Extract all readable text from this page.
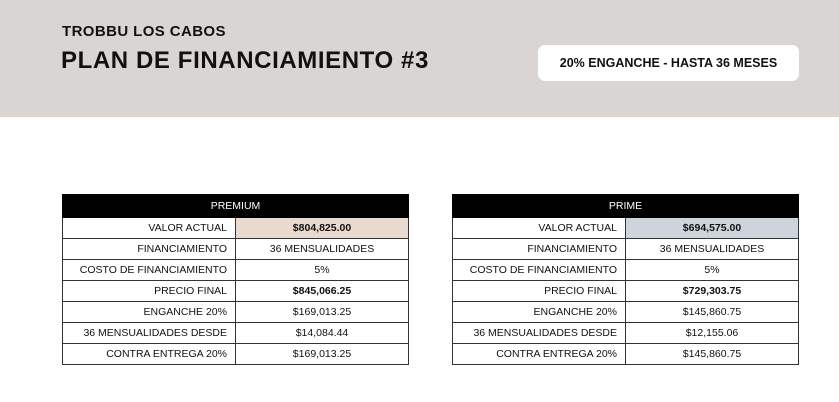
TROBBU LOS CABOS
PLAN DE FINANCIAMIENTO #3	20% ENGANCHE - HASTA 36 MESES
PREMIUM	
VALOR ACTUAL	$804,825.00
FINANCIAMIENTO	36 MENSUALIDADES
COSTO DE FINANCIAMIENTO	5%
PRECIO FINAL	$845,066.25
ENGANCHE 20%	$169,013.25
36 MENSUALIDADES DESDE	$14,084.44
CONTRA ENTREGA 20%	$169,013.25
PRIME	
VALOR ACTUAL	$694,575.00
FINANCIAMIENTO	36 MENSUALIDADES
COSTO DE FINANCIAMIENTO	5%
PRECIO FINAL	$729,303.75
ENGANCHE 20%	$145,860.75
36 MENSUALIDADES DESDE	$12,155.06
CONTRA ENTREGA 20%	$145,860.75
